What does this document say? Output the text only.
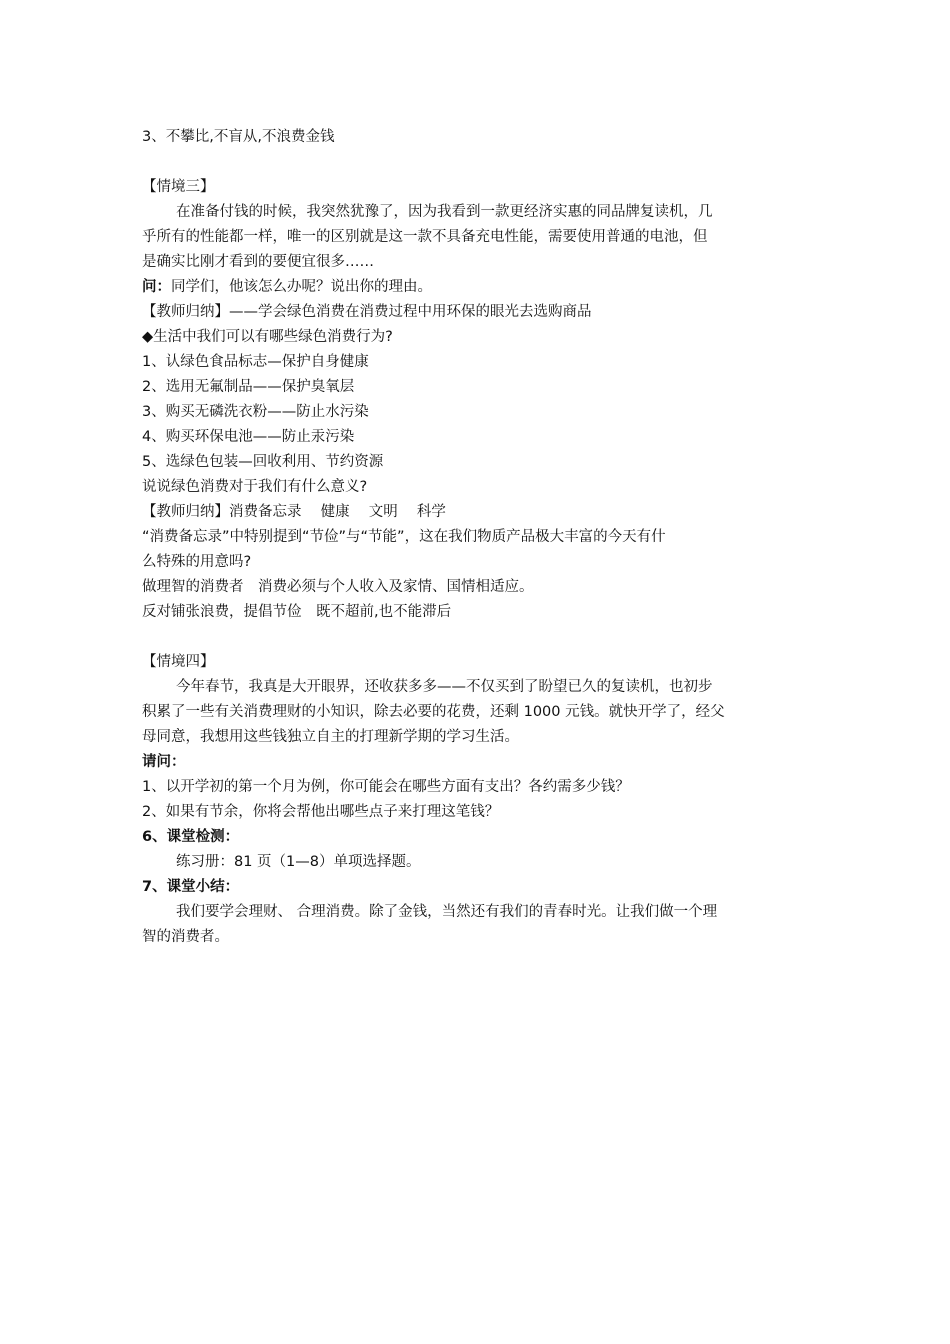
3、不攀比,不盲从,不浪费金钱
【情境三】
在准备付钱的时候，我突然犹豫了，因为我看到一款更经济实惠的同品牌复读机，几
乎所有的性能都一样，唯一的区别就是这一款不具备充电性能，需要使用普通的电池，但
是确实比刚才看到的要便宜很多……
问：同学们，他该怎么办呢？说出你的理由。
【教师归纳】——学会绿色消费在消费过程中用环保的眼光去选购商品
◆生活中我们可以有哪些绿色消费行为?
1、认绿色食品标志—保护自身健康
2、选用无氟制品——保护臭氧层
3、购买无磷洗衣粉——防止水污染
4、购买环保电池——防止汞污染
5、选绿色包装—回收利用、节约资源
说说绿色消费对于我们有什么意义?
【教师归纳】消费备忘录　 健康　 文明　 科学
“消费备忘录”中特别提到“节俭”与“节能”，这在我们物质产品极大丰富的今天有什
么特殊的用意吗?
做理智的消费者　消费必须与个人收入及家情、国情相适应。
反对铺张浪费，提倡节俭　既不超前,也不能滞后
【情境四】
今年春节，我真是大开眼界，还收获多多——不仅买到了盼望已久的复读机，也初步
积累了一些有关消费理财的小知识，除去必要的花费，还剩 1000 元钱。就快开学了，经父
母同意，我想用这些钱独立自主的打理新学期的学习生活。
请问：
1、以开学初的第一个月为例，你可能会在哪些方面有支出？各约需多少钱？
2、如果有节余，你将会帮他出哪些点子来打理这笔钱？
6、课堂检测：
练习册：81 页（1—8）单项选择题。
7、课堂小结：
我们要学会理财、 合理消费。除了金钱，当然还有我们的青春时光。让我们做一个理
智的消费者。
